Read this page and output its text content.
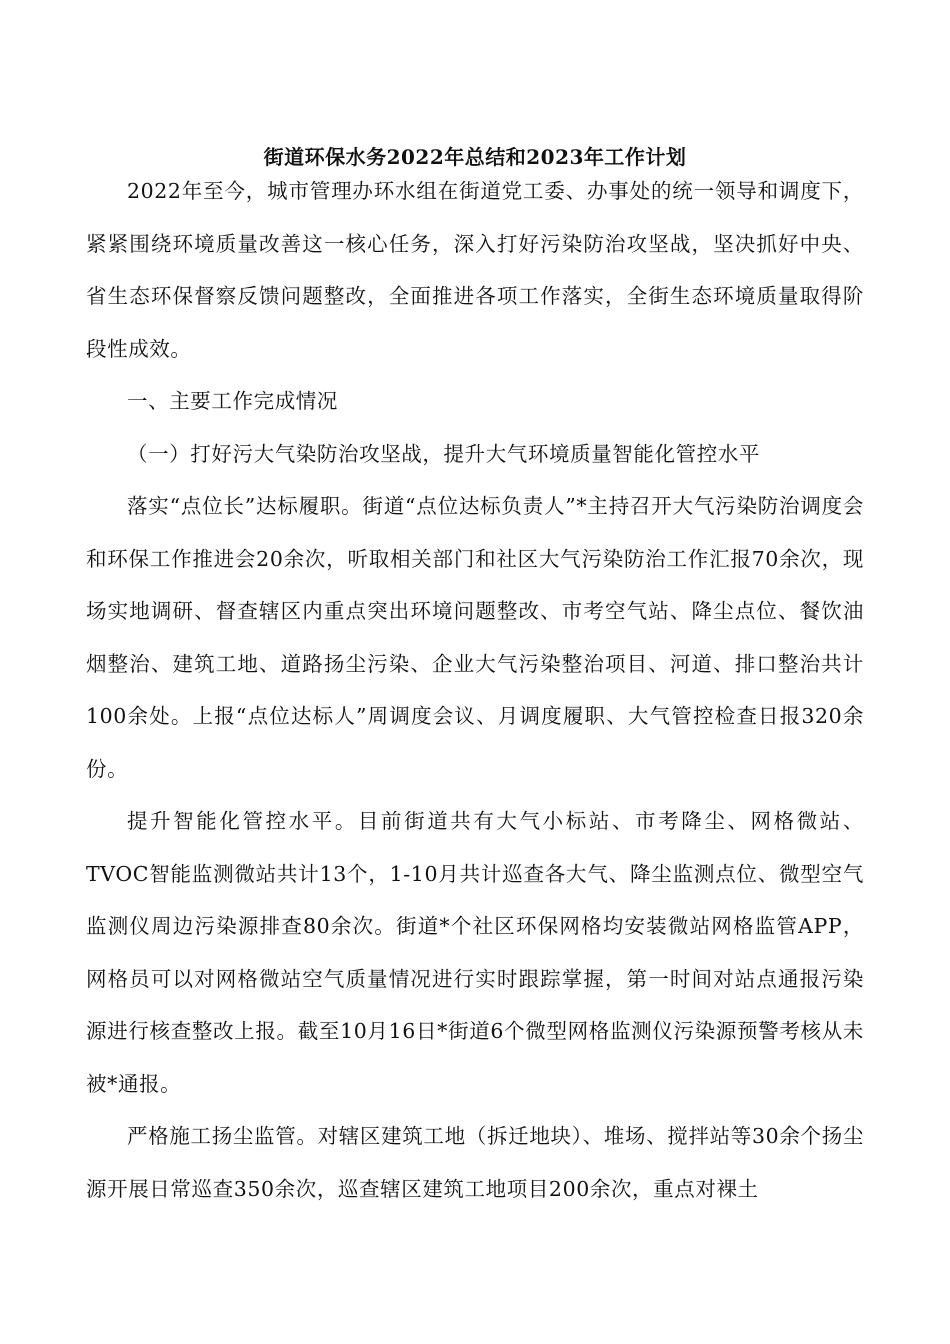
街道环保水务2022年总结和2023年工作计划

2022年至今，城市管理办环水组在街道党工委、办事处的统一领导和调度下，紧紧围绕环境质量改善这一核心任务，深入打好污染防治攻坚战，坚决抓好中央、省生态环保督察反馈问题整改，全面推进各项工作落实，全街生态环境质量取得阶段性成效。

一、主要工作完成情况

（一）打好污大气染防治攻坚战，提升大气环境质量智能化管控水平

落实“点位长”达标履职。街道“点位达标负责人”*主持召开大气污染防治调度会和环保工作推进会20余次，听取相关部门和社区大气污染防治工作汇报70余次，现场实地调研、督查辖区内重点突出环境问题整改、市考空气站、降尘点位、餐饮油烟整治、建筑工地、道路扬尘污染、企业大气污染整治项目、河道、排口整治共计100余处。上报“点位达标人”周调度会议、月调度履职、大气管控检查日报320余份。

提升智能化管控水平。目前街道共有大气小标站、市考降尘、网格微站、TVOC智能监测微站共计13个，1-10月共计巡查各大气、降尘监测点位、微型空气监测仪周边污染源排查80余次。街道*个社区环保网格均安装微站网格监管APP，网格员可以对网格微站空气质量情况进行实时跟踪掌握，第一时间对站点通报污染源进行核查整改上报。截至10月16日*街道6个微型网格监测仪污染源预警考核从未被*通报。

严格施工扬尘监管。对辖区建筑工地（拆迁地块）、堆场、搅拌站等30余个扬尘源开展日常巡查350余次，巡查辖区建筑工地项目200余次，重点对裸土
